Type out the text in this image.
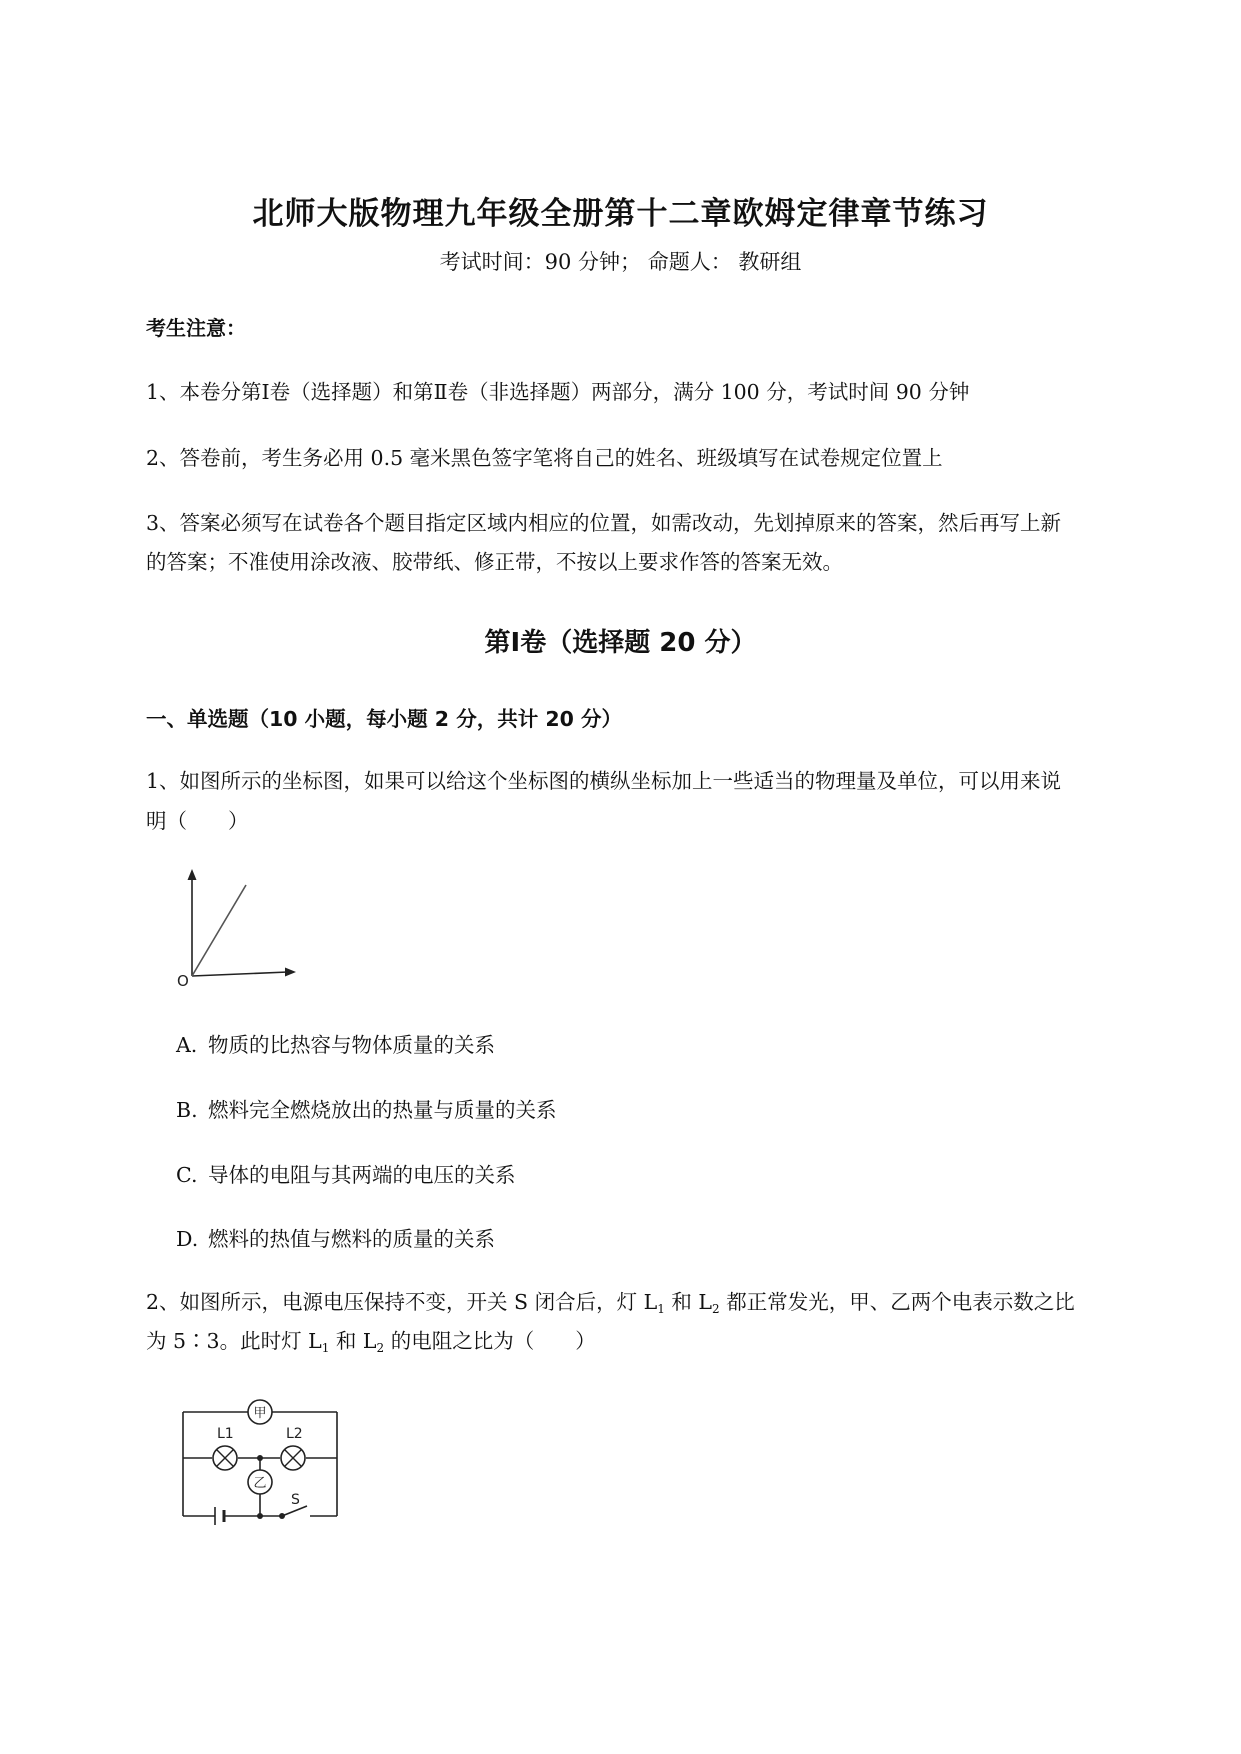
北师大版物理九年级全册第十二章欧姆定律章节练习
考试时间：90 分钟； 命题人： 教研组
考生注意：
1、本卷分第Ⅰ卷（选择题）和第Ⅱ卷（非选择题）两部分，满分 100 分，考试时间 90 分钟
2、答卷前，考生务必用 0.5 毫米黑色签字笔将自己的姓名、班级填写在试卷规定位置上
3、答案必须写在试卷各个题目指定区域内相应的位置，如需改动，先划掉原来的答案，然后再写上新
的答案；不准使用涂改液、胶带纸、修正带，不按以上要求作答的答案无效。
第Ⅰ卷（选择题 20 分）
一、单选题（10 小题，每小题 2 分，共计 20 分）
1、如图所示的坐标图，如果可以给这个坐标图的横纵坐标加上一些适当的物理量及单位，可以用来说
明（　　）
O
A. 物质的比热容与物体质量的关系
B. 燃料完全燃烧放出的热量与质量的关系
C. 导体的电阻与其两端的电压的关系
D. 燃料的热值与燃料的质量的关系
2、如图所示，电源电压保持不变，开关 S 闭合后，灯 $L_1$ 和 $L_2$ 都正常发光，甲、乙两个电表示数之比
为 5∶3。此时灯 $L_1$ 和 $L_2$ 的电阻之比为（　　）
甲
乙
L1	L2
S
